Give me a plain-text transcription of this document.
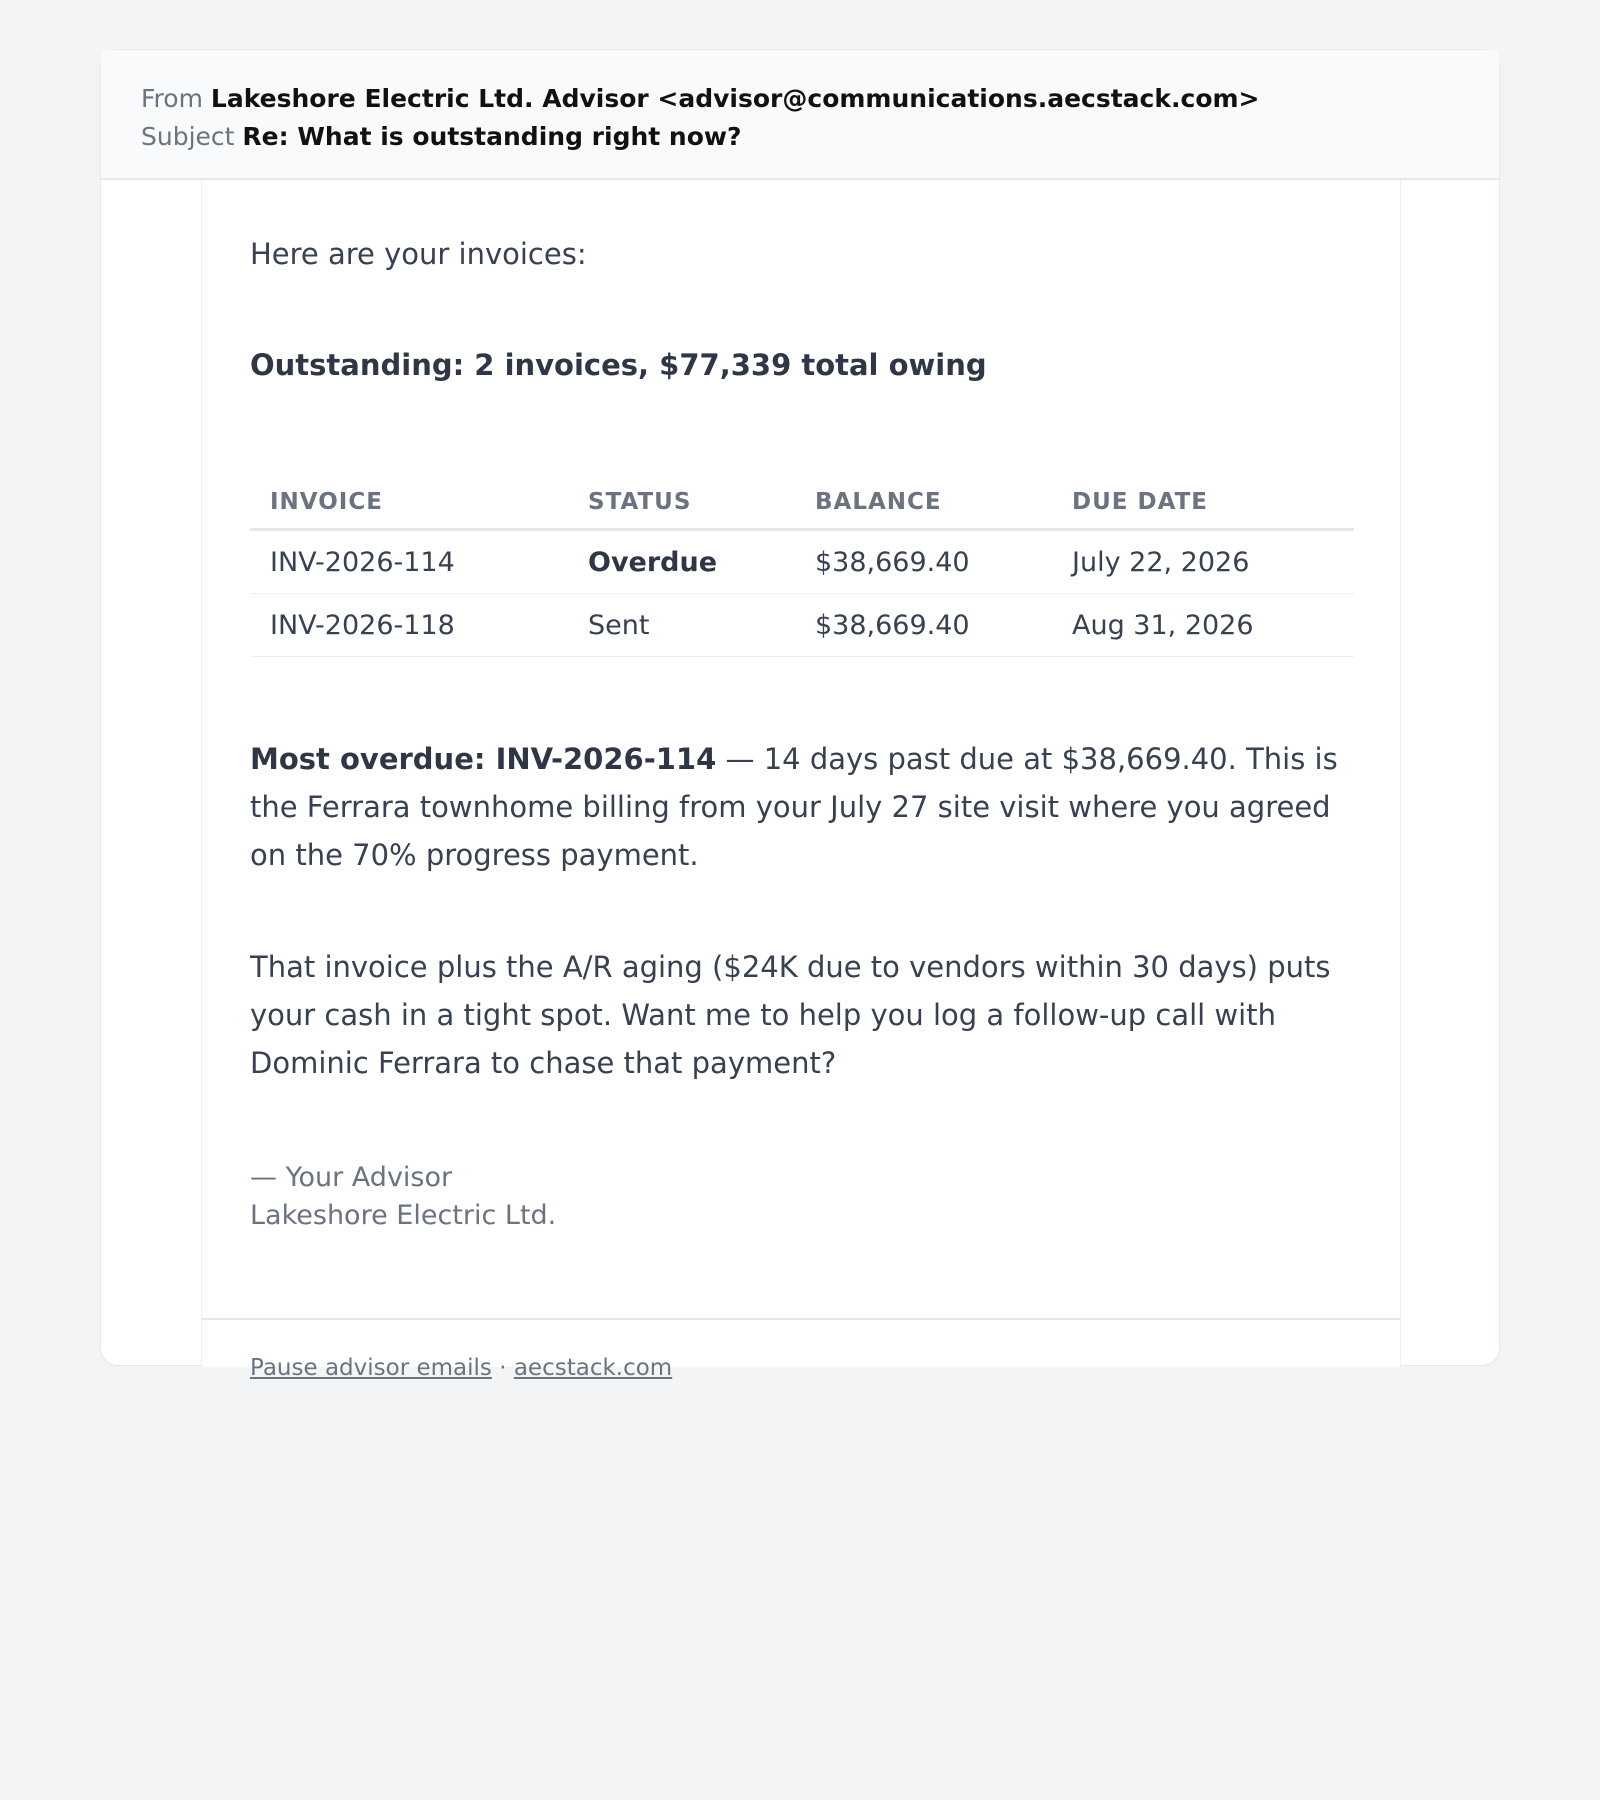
From Lakeshore Electric Ltd. Advisor <advisor@communications.aecstack.com>
Subject Re: What is outstanding right now?

Here are your invoices:

Outstanding: 2 invoices, $77,339 total owing

INVOICE	STATUS	BALANCE	DUE DATE
INV-2026-114	Overdue	$38,669.40	July 22, 2026
INV-2026-118	Sent	$38,669.40	Aug 31, 2026

Most overdue: INV-2026-114 — 14 days past due at $38,669.40. This is the Ferrara townhome billing from your July 27 site visit where you agreed on the 70% progress payment.

That invoice plus the A/R aging ($24K due to vendors within 30 days) puts your cash in a tight spot. Want me to help you log a follow-up call with Dominic Ferrara to chase that payment?

— Your Advisor
Lakeshore Electric Ltd.
Pause advisor emails · aecstack.com
